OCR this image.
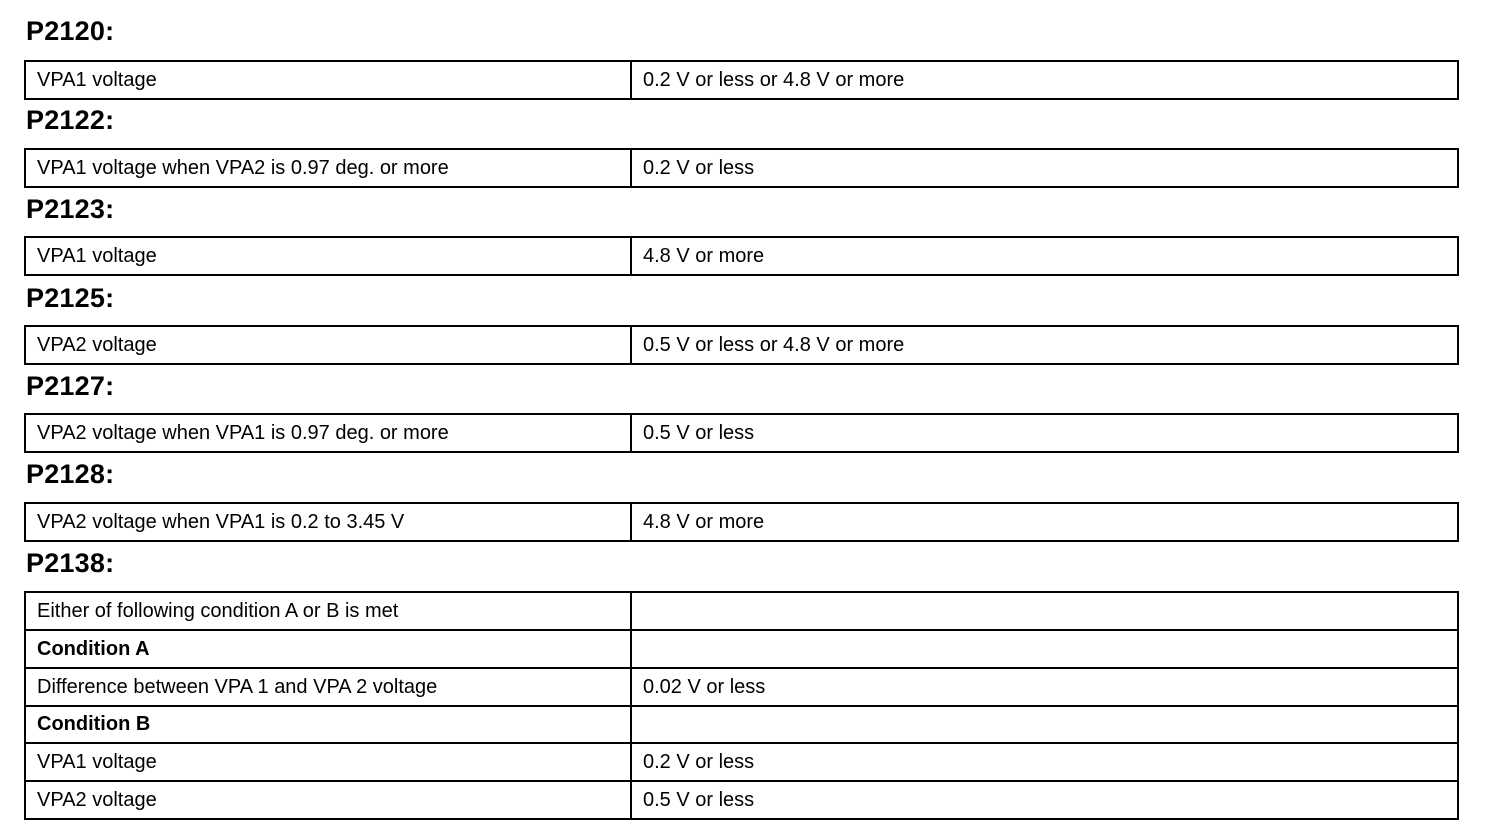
P2120:
VPA1 voltage	0.2 V or less or 4.8 V or more
P2122:
VPA1 voltage when VPA2 is 0.97 deg. or more	0.2 V or less
P2123:
VPA1 voltage	4.8 V or more
P2125:
VPA2 voltage	0.5 V or less or 4.8 V or more
P2127:
VPA2 voltage when VPA1 is 0.97 deg. or more	0.5 V or less
P2128:
VPA2 voltage when VPA1 is 0.2 to 3.45 V	4.8 V or more
P2138:
Either of following condition A or B is met	
Condition A	
Difference between VPA 1 and VPA 2 voltage	0.02 V or less
Condition B	
VPA1 voltage	0.2 V or less
VPA2 voltage	0.5 V or less
